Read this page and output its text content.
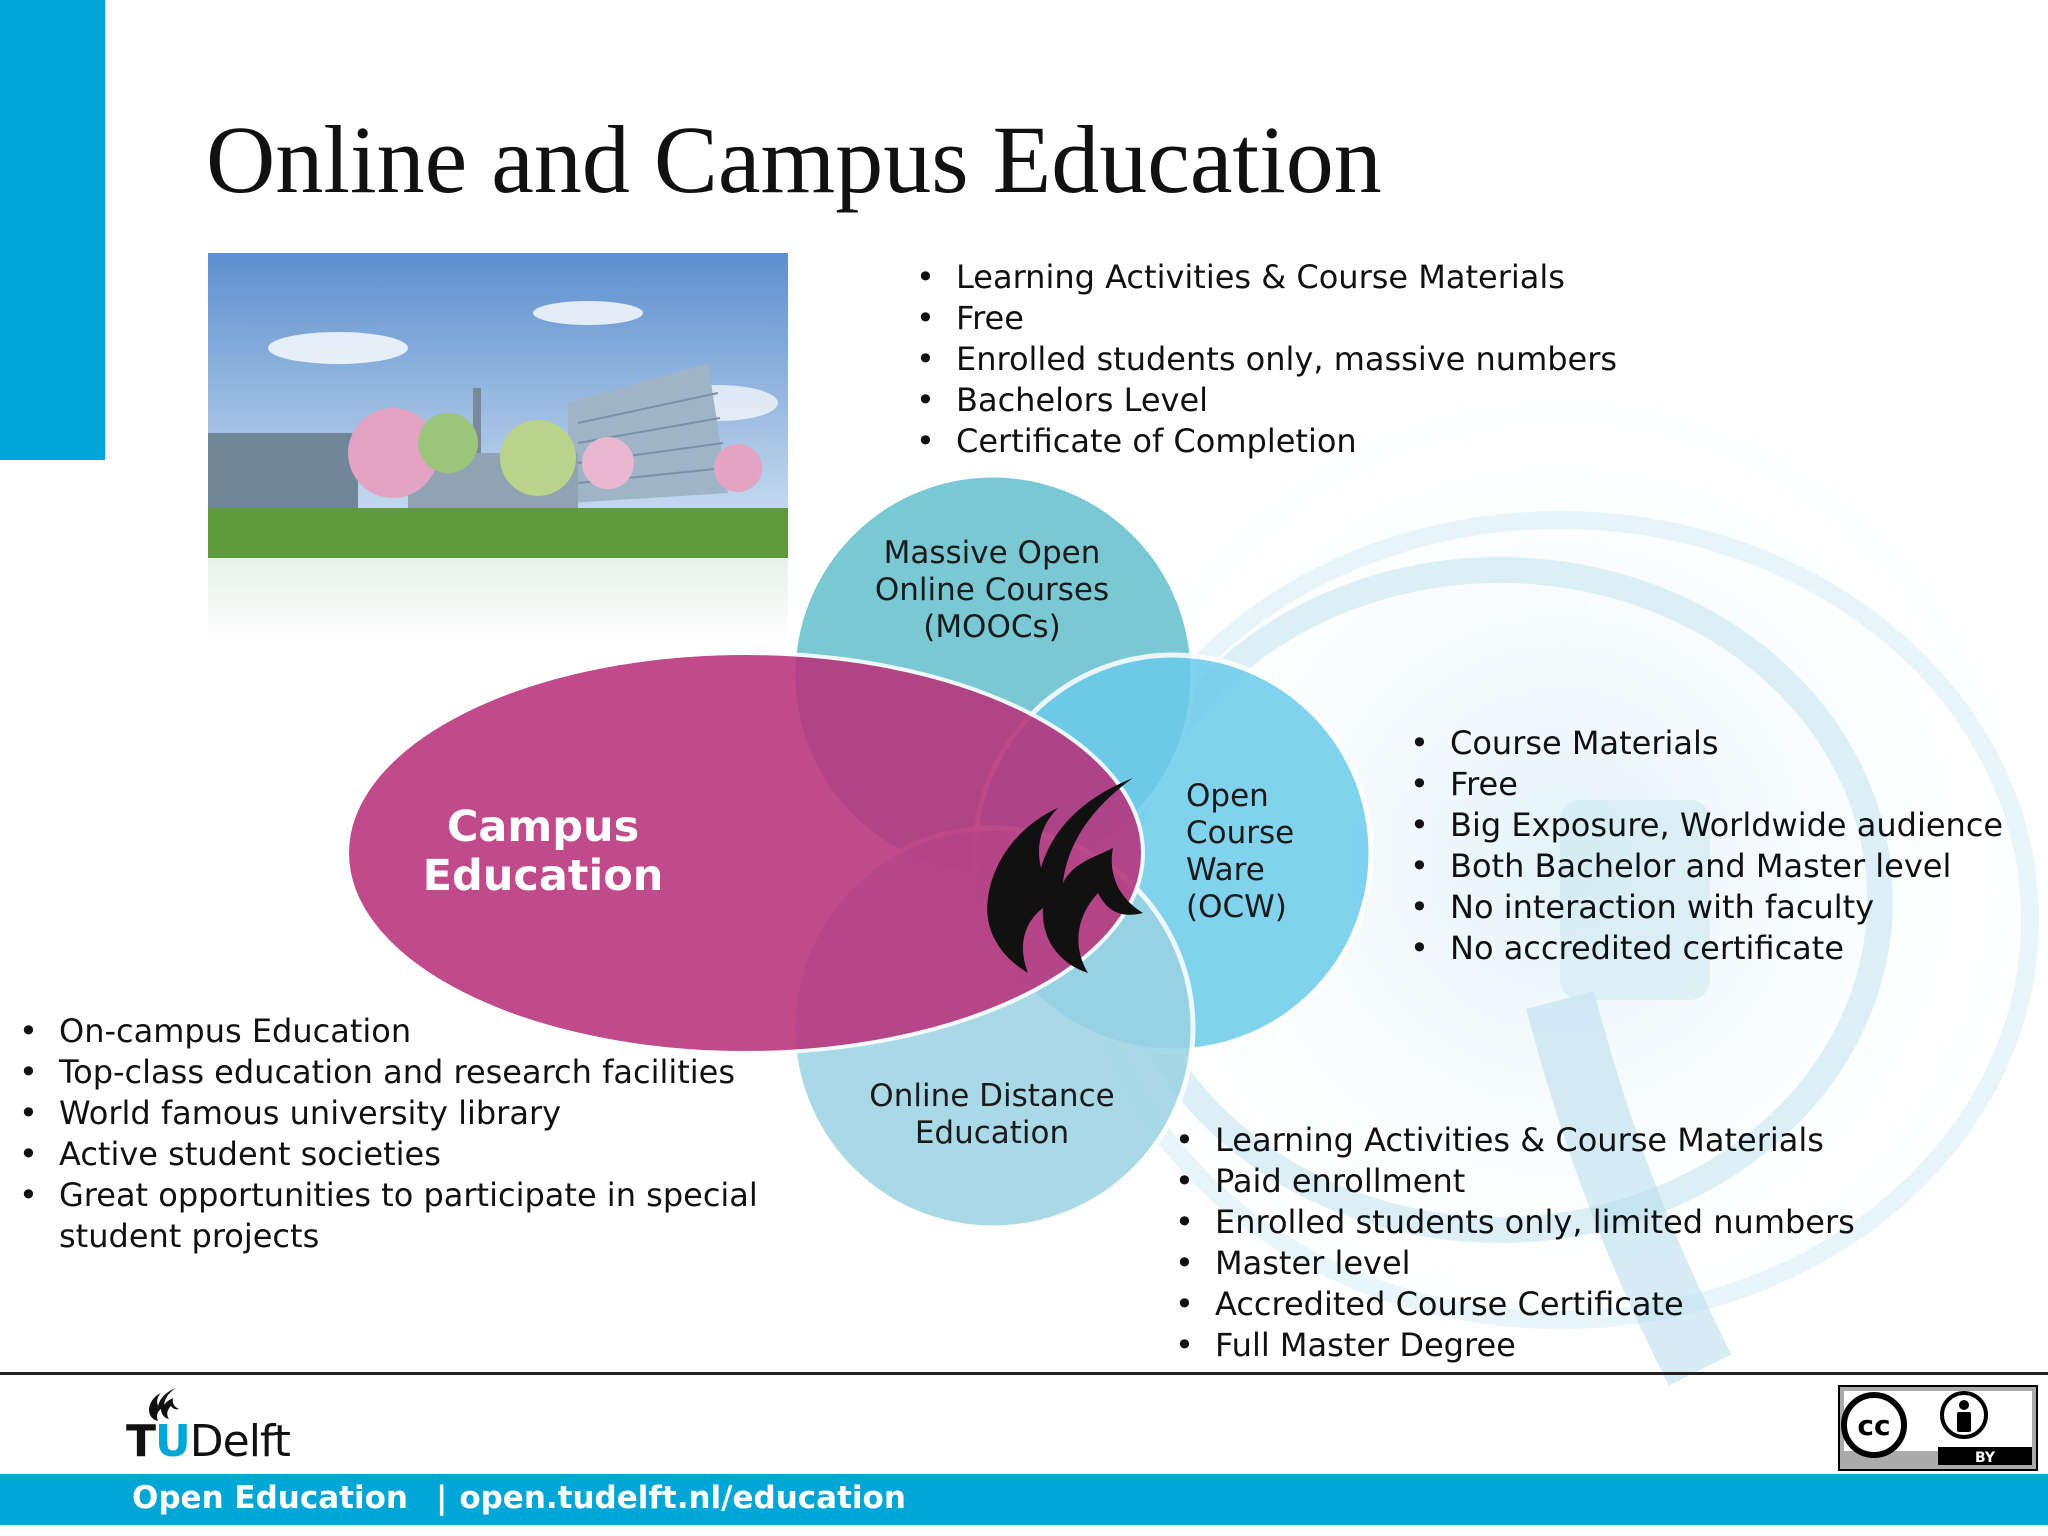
Online and Campus Education
Massive Open
Online Courses
(MOOCs)
Open
Course
Ware
(OCW)
Online Distance
Education
Campus
Education
• Learning Activities & Course Materials
• Free
• Enrolled students only, massive numbers
• Bachelors Level
• Certificate of Completion
• Course Materials
• Free
• Big Exposure, Worldwide audience
• Both Bachelor and Master level
• No interaction with faculty
• No accredited certificate
• Learning Activities & Course Materials
• Paid enrollment
• Enrolled students only, limited numbers
• Master level
• Accredited Course Certificate
• Full Master Degree
• On-campus Education
• Top-class education and research facilities
• World famous university library
• Active student societies
• Great opportunities to participate in special student projects
TUDelft	cc
BY
Open Education | open.tudelft.nl/education
